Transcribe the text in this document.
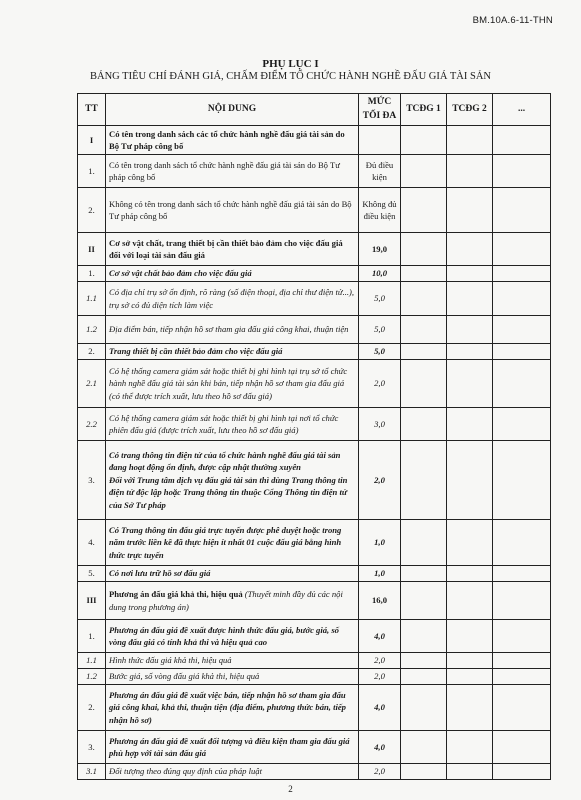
BM.10A.6-11-THN
PHỤ LỤC I
BẢNG TIÊU CHÍ ĐÁNH GIÁ, CHẤM ĐIỂM TỔ CHỨC HÀNH NGHỀ ĐẤU GIÁ TÀI SẢN
TT	NỘI DUNG	MỨC TỐI ĐA	TCĐG 1	TCĐG 2	...
I	Có tên trong danh sách các tổ chức hành nghề đấu giá tài sản do Bộ Tư pháp công bố				
1.	Có tên trong danh sách tổ chức hành nghề đấu giá tài sản do Bộ Tư pháp công bố	Đủ điều kiện			
2.	Không có tên trong danh sách tổ chức hành nghề đấu giá tài sản do Bộ Tư pháp công bố	Không đủ điều kiện			
II	Cơ sở vật chất, trang thiết bị cần thiết bảo đảm cho việc đấu giá đối với loại tài sản đấu giá	19,0			
1.	Cơ sở vật chất bảo đảm cho việc đấu giá	10,0			
1.1	Có địa chỉ trụ sở ổn định, rõ ràng (số điện thoại, địa chỉ thư điện tử...), trụ sở có đủ diện tích làm việc	5,0			
1.2	Địa điểm bán, tiếp nhận hồ sơ tham gia đấu giá công khai, thuận tiện	5,0			
2.	Trang thiết bị cần thiết bảo đảm cho việc đấu giá	5,0			
2.1	Có hệ thống camera giám sát hoặc thiết bị ghi hình tại trụ sở tổ chức hành nghề đấu giá tài sản khi bán, tiếp nhận hồ sơ tham gia đấu giá (có thể được trích xuất, lưu theo hồ sơ đấu giá)	2,0			
2.2	Có hệ thống camera giám sát hoặc thiết bị ghi hình tại nơi tổ chức phiên đấu giá (được trích xuất, lưu theo hồ sơ đấu giá)	3,0			
3.	Có trang thông tin điện tử của tổ chức hành nghề đấu giá tài sản đang hoạt động ổn định, được cập nhật thường xuyên
Đối với Trung tâm dịch vụ đấu giá tài sản thì dùng Trang thông tin điện tử độc lập hoặc Trang thông tin thuộc Cổng Thông tin điện tử của Sở Tư pháp	2,0			
4.	Có Trang thông tin đấu giá trực tuyến được phê duyệt hoặc trong năm trước liền kề đã thực hiện ít nhất 01 cuộc đấu giá bằng hình thức trực tuyến	1,0			
5.	Có nơi lưu trữ hồ sơ đấu giá	1,0			
III	Phương án đấu giá khả thi, hiệu quả (Thuyết minh đầy đủ các nội dung trong phương án)	16,0			
1.	Phương án đấu giá đề xuất được hình thức đấu giá, bước giá, số vòng đấu giá có tính khả thi và hiệu quả cao	4,0			
1.1	Hình thức đấu giá khả thi, hiệu quả	2,0			
1.2	Bước giá, số vòng đấu giá khả thi, hiệu quả	2,0			
2.	Phương án đấu giá đề xuất việc bán, tiếp nhận hồ sơ tham gia đấu giá công khai, khả thi, thuận tiện (địa điểm, phương thức bán, tiếp nhận hồ sơ)	4,0			
3.	Phương án đấu giá đề xuất đối tượng và điều kiện tham gia đấu giá phù hợp với tài sản đấu giá	4,0			
3.1	Đối tượng theo đúng quy định của pháp luật	2,0			
2
